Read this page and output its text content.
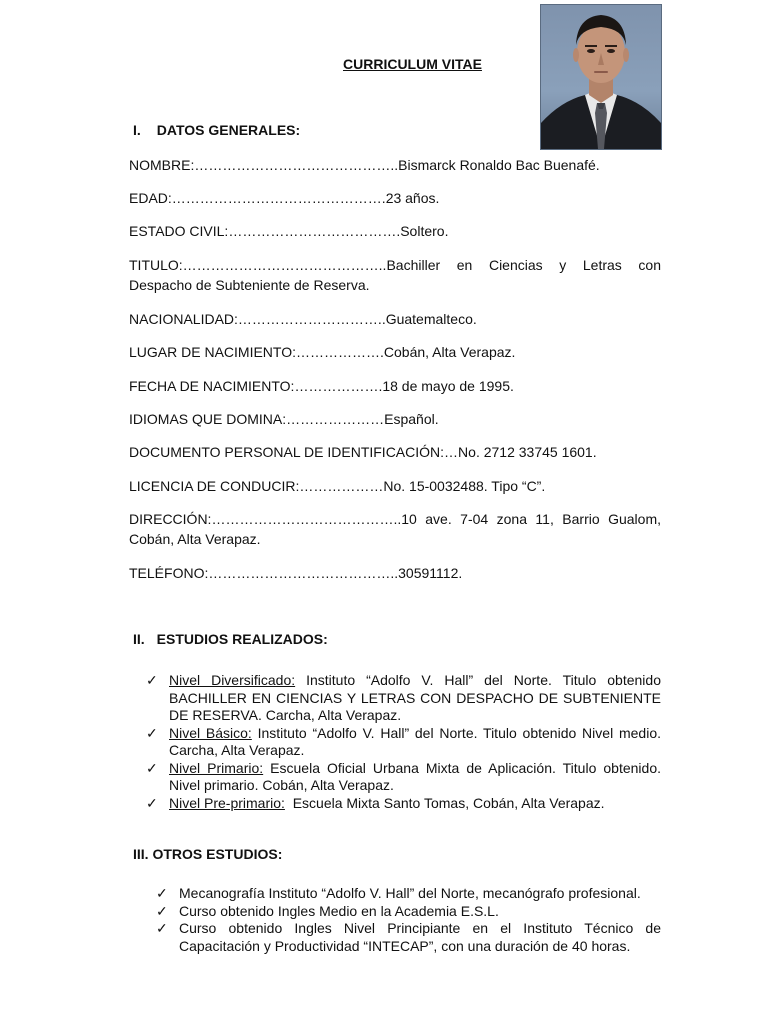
CURRICULUM VITAE
I. DATOS GENERALES:
NOMBRE:……………………………………..Bismarck Ronaldo Bac Buenafé.
EDAD:……………………………………….23 años.
ESTADO CIVIL:……………………………….Soltero.
TITULO:……………………………………..Bachiller en Ciencias y Letras con Despacho de Subteniente de Reserva.
NACIONALIDAD:…………………………..Guatemalteco.
LUGAR DE NACIMIENTO:……………….Cobán, Alta Verapaz.
FECHA DE NACIMIENTO:……………….18 de mayo de 1995.
IDIOMAS QUE DOMINA:…………………Español.
DOCUMENTO PERSONAL DE IDENTIFICACIÓN:…No. 2712 33745 1601.
LICENCIA DE CONDUCIR:………………No. 15-0032488. Tipo “C”.
DIRECCIÓN:…………………………………..10 ave. 7-04 zona 11, Barrio Gualom, Cobán, Alta Verapaz.
TELÉFONO:…………………………………..30591112.
II. ESTUDIOS REALIZADOS:
✓ Nivel Diversificado: Instituto “Adolfo V. Hall” del Norte. Titulo obtenido BACHILLER EN CIENCIAS Y LETRAS CON DESPACHO DE SUBTENIENTE DE RESERVA. Carcha, Alta Verapaz.
✓ Nivel Básico: Instituto “Adolfo V. Hall” del Norte. Titulo obtenido Nivel medio. Carcha, Alta Verapaz.
✓ Nivel Primario: Escuela Oficial Urbana Mixta de Aplicación. Titulo obtenido. Nivel primario. Cobán, Alta Verapaz.
✓ Nivel Pre-primario:  Escuela Mixta Santo Tomas, Cobán, Alta Verapaz.
III. OTROS ESTUDIOS:
✓ Mecanografía Instituto “Adolfo V. Hall” del Norte, mecanógrafo profesional.
✓ Curso obtenido Ingles Medio en la Academia E.S.L.
✓ Curso obtenido Ingles Nivel Principiante en el Instituto Técnico de Capacitación y Productividad “INTECAP”, con una duración de 40 horas.
